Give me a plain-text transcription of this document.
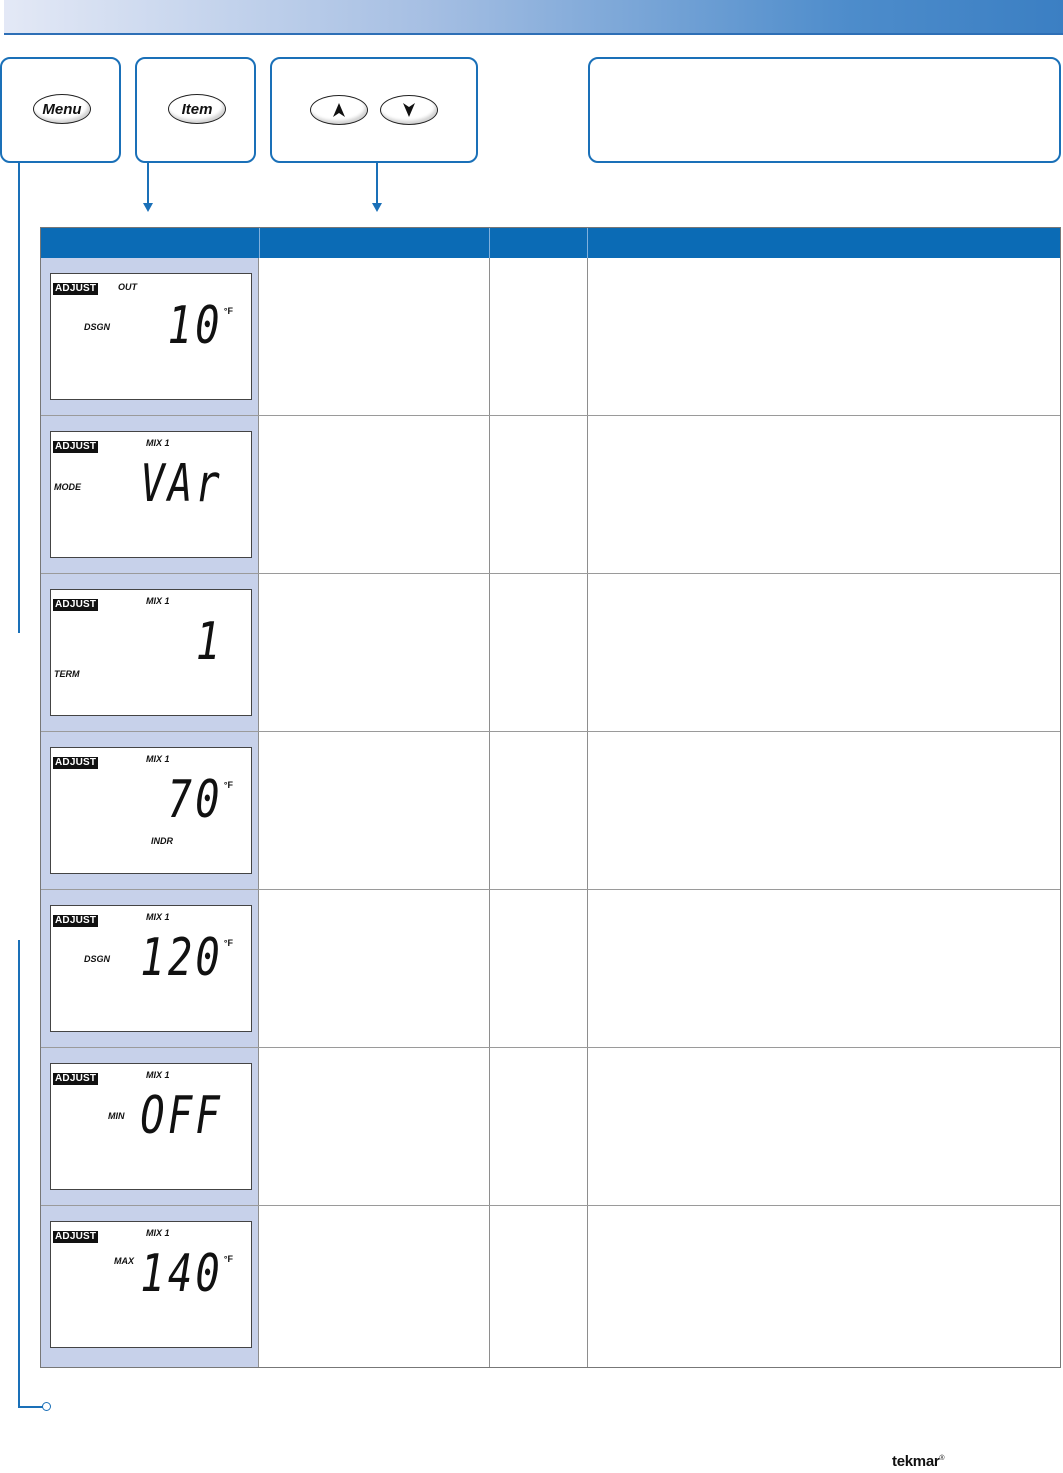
Menu	Item
OUT
ADJUST
DSGN 10 °F
MIX 1
ADJUST
MODE VAr
MIX 1
ADJUST
TERM
1
MIX 1
ADJUST
INDR
70 °F
MIX 1
ADJUST
DSGN 120 °F
MIX 1
ADJUST
MIN OFF
MIX 1
ADJUST
MAX 140 °F
tekmar®
